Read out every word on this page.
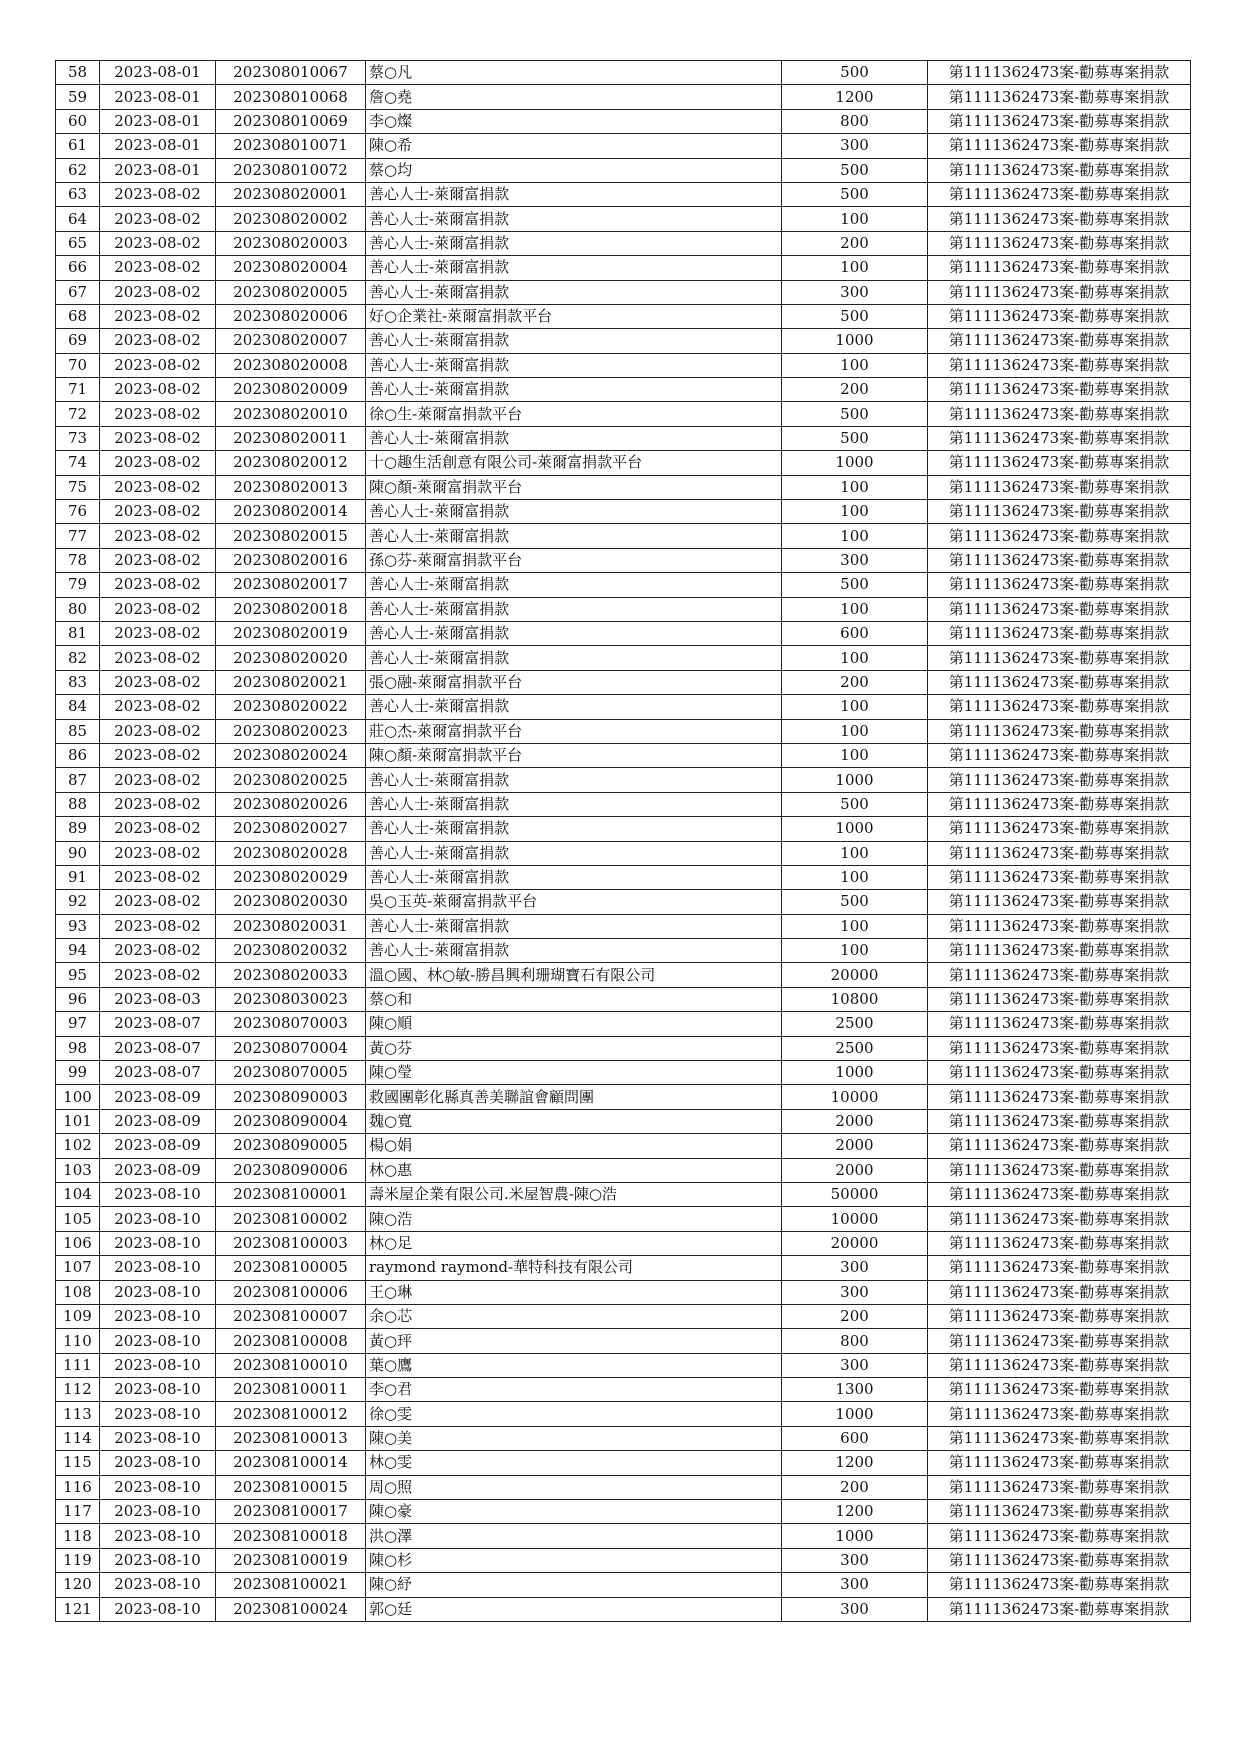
58	2023-08-01	202308010067	蔡○凡	500	第1111362473案-勸募專案捐款
59	2023-08-01	202308010068	詹○堯	1200	第1111362473案-勸募專案捐款
60	2023-08-01	202308010069	李○燦	800	第1111362473案-勸募專案捐款
61	2023-08-01	202308010071	陳○希	300	第1111362473案-勸募專案捐款
62	2023-08-01	202308010072	蔡○均	500	第1111362473案-勸募專案捐款
63	2023-08-02	202308020001	善心人士-萊爾富捐款	500	第1111362473案-勸募專案捐款
64	2023-08-02	202308020002	善心人士-萊爾富捐款	100	第1111362473案-勸募專案捐款
65	2023-08-02	202308020003	善心人士-萊爾富捐款	200	第1111362473案-勸募專案捐款
66	2023-08-02	202308020004	善心人士-萊爾富捐款	100	第1111362473案-勸募專案捐款
67	2023-08-02	202308020005	善心人士-萊爾富捐款	300	第1111362473案-勸募專案捐款
68	2023-08-02	202308020006	好○企業社-萊爾富捐款平台	500	第1111362473案-勸募專案捐款
69	2023-08-02	202308020007	善心人士-萊爾富捐款	1000	第1111362473案-勸募專案捐款
70	2023-08-02	202308020008	善心人士-萊爾富捐款	100	第1111362473案-勸募專案捐款
71	2023-08-02	202308020009	善心人士-萊爾富捐款	200	第1111362473案-勸募專案捐款
72	2023-08-02	202308020010	徐○生-萊爾富捐款平台	500	第1111362473案-勸募專案捐款
73	2023-08-02	202308020011	善心人士-萊爾富捐款	500	第1111362473案-勸募專案捐款
74	2023-08-02	202308020012	十○趣生活創意有限公司-萊爾富捐款平台	1000	第1111362473案-勸募專案捐款
75	2023-08-02	202308020013	陳○顏-萊爾富捐款平台	100	第1111362473案-勸募專案捐款
76	2023-08-02	202308020014	善心人士-萊爾富捐款	100	第1111362473案-勸募專案捐款
77	2023-08-02	202308020015	善心人士-萊爾富捐款	100	第1111362473案-勸募專案捐款
78	2023-08-02	202308020016	孫○芬-萊爾富捐款平台	300	第1111362473案-勸募專案捐款
79	2023-08-02	202308020017	善心人士-萊爾富捐款	500	第1111362473案-勸募專案捐款
80	2023-08-02	202308020018	善心人士-萊爾富捐款	100	第1111362473案-勸募專案捐款
81	2023-08-02	202308020019	善心人士-萊爾富捐款	600	第1111362473案-勸募專案捐款
82	2023-08-02	202308020020	善心人士-萊爾富捐款	100	第1111362473案-勸募專案捐款
83	2023-08-02	202308020021	張○融-萊爾富捐款平台	200	第1111362473案-勸募專案捐款
84	2023-08-02	202308020022	善心人士-萊爾富捐款	100	第1111362473案-勸募專案捐款
85	2023-08-02	202308020023	莊○杰-萊爾富捐款平台	100	第1111362473案-勸募專案捐款
86	2023-08-02	202308020024	陳○顏-萊爾富捐款平台	100	第1111362473案-勸募專案捐款
87	2023-08-02	202308020025	善心人士-萊爾富捐款	1000	第1111362473案-勸募專案捐款
88	2023-08-02	202308020026	善心人士-萊爾富捐款	500	第1111362473案-勸募專案捐款
89	2023-08-02	202308020027	善心人士-萊爾富捐款	1000	第1111362473案-勸募專案捐款
90	2023-08-02	202308020028	善心人士-萊爾富捐款	100	第1111362473案-勸募專案捐款
91	2023-08-02	202308020029	善心人士-萊爾富捐款	100	第1111362473案-勸募專案捐款
92	2023-08-02	202308020030	吳○玉英-萊爾富捐款平台	500	第1111362473案-勸募專案捐款
93	2023-08-02	202308020031	善心人士-萊爾富捐款	100	第1111362473案-勸募專案捐款
94	2023-08-02	202308020032	善心人士-萊爾富捐款	100	第1111362473案-勸募專案捐款
95	2023-08-02	202308020033	溫○國、林○敏-勝昌興利珊瑚寶石有限公司	20000	第1111362473案-勸募專案捐款
96	2023-08-03	202308030023	蔡○和	10800	第1111362473案-勸募專案捐款
97	2023-08-07	202308070003	陳○順	2500	第1111362473案-勸募專案捐款
98	2023-08-07	202308070004	黃○芬	2500	第1111362473案-勸募專案捐款
99	2023-08-07	202308070005	陳○瑩	1000	第1111362473案-勸募專案捐款
100	2023-08-09	202308090003	救國團彰化縣真善美聯誼會顧問團	10000	第1111362473案-勸募專案捐款
101	2023-08-09	202308090004	魏○寬	2000	第1111362473案-勸募專案捐款
102	2023-08-09	202308090005	楊○娟	2000	第1111362473案-勸募專案捐款
103	2023-08-09	202308090006	林○惠	2000	第1111362473案-勸募專案捐款
104	2023-08-10	202308100001	壽米屋企業有限公司.米屋智農-陳○浩	50000	第1111362473案-勸募專案捐款
105	2023-08-10	202308100002	陳○浩	10000	第1111362473案-勸募專案捐款
106	2023-08-10	202308100003	林○足	20000	第1111362473案-勸募專案捐款
107	2023-08-10	202308100005	raymond raymond-華特科技有限公司	300	第1111362473案-勸募專案捐款
108	2023-08-10	202308100006	王○琳	300	第1111362473案-勸募專案捐款
109	2023-08-10	202308100007	余○芯	200	第1111362473案-勸募專案捐款
110	2023-08-10	202308100008	黃○玶	800	第1111362473案-勸募專案捐款
111	2023-08-10	202308100010	葉○鷹	300	第1111362473案-勸募專案捐款
112	2023-08-10	202308100011	李○君	1300	第1111362473案-勸募專案捐款
113	2023-08-10	202308100012	徐○雯	1000	第1111362473案-勸募專案捐款
114	2023-08-10	202308100013	陳○美	600	第1111362473案-勸募專案捐款
115	2023-08-10	202308100014	林○雯	1200	第1111362473案-勸募專案捐款
116	2023-08-10	202308100015	周○照	200	第1111362473案-勸募專案捐款
117	2023-08-10	202308100017	陳○豪	1200	第1111362473案-勸募專案捐款
118	2023-08-10	202308100018	洪○澤	1000	第1111362473案-勸募專案捐款
119	2023-08-10	202308100019	陳○杉	300	第1111362473案-勸募專案捐款
120	2023-08-10	202308100021	陳○紓	300	第1111362473案-勸募專案捐款
121	2023-08-10	202308100024	郭○廷	300	第1111362473案-勸募專案捐款
